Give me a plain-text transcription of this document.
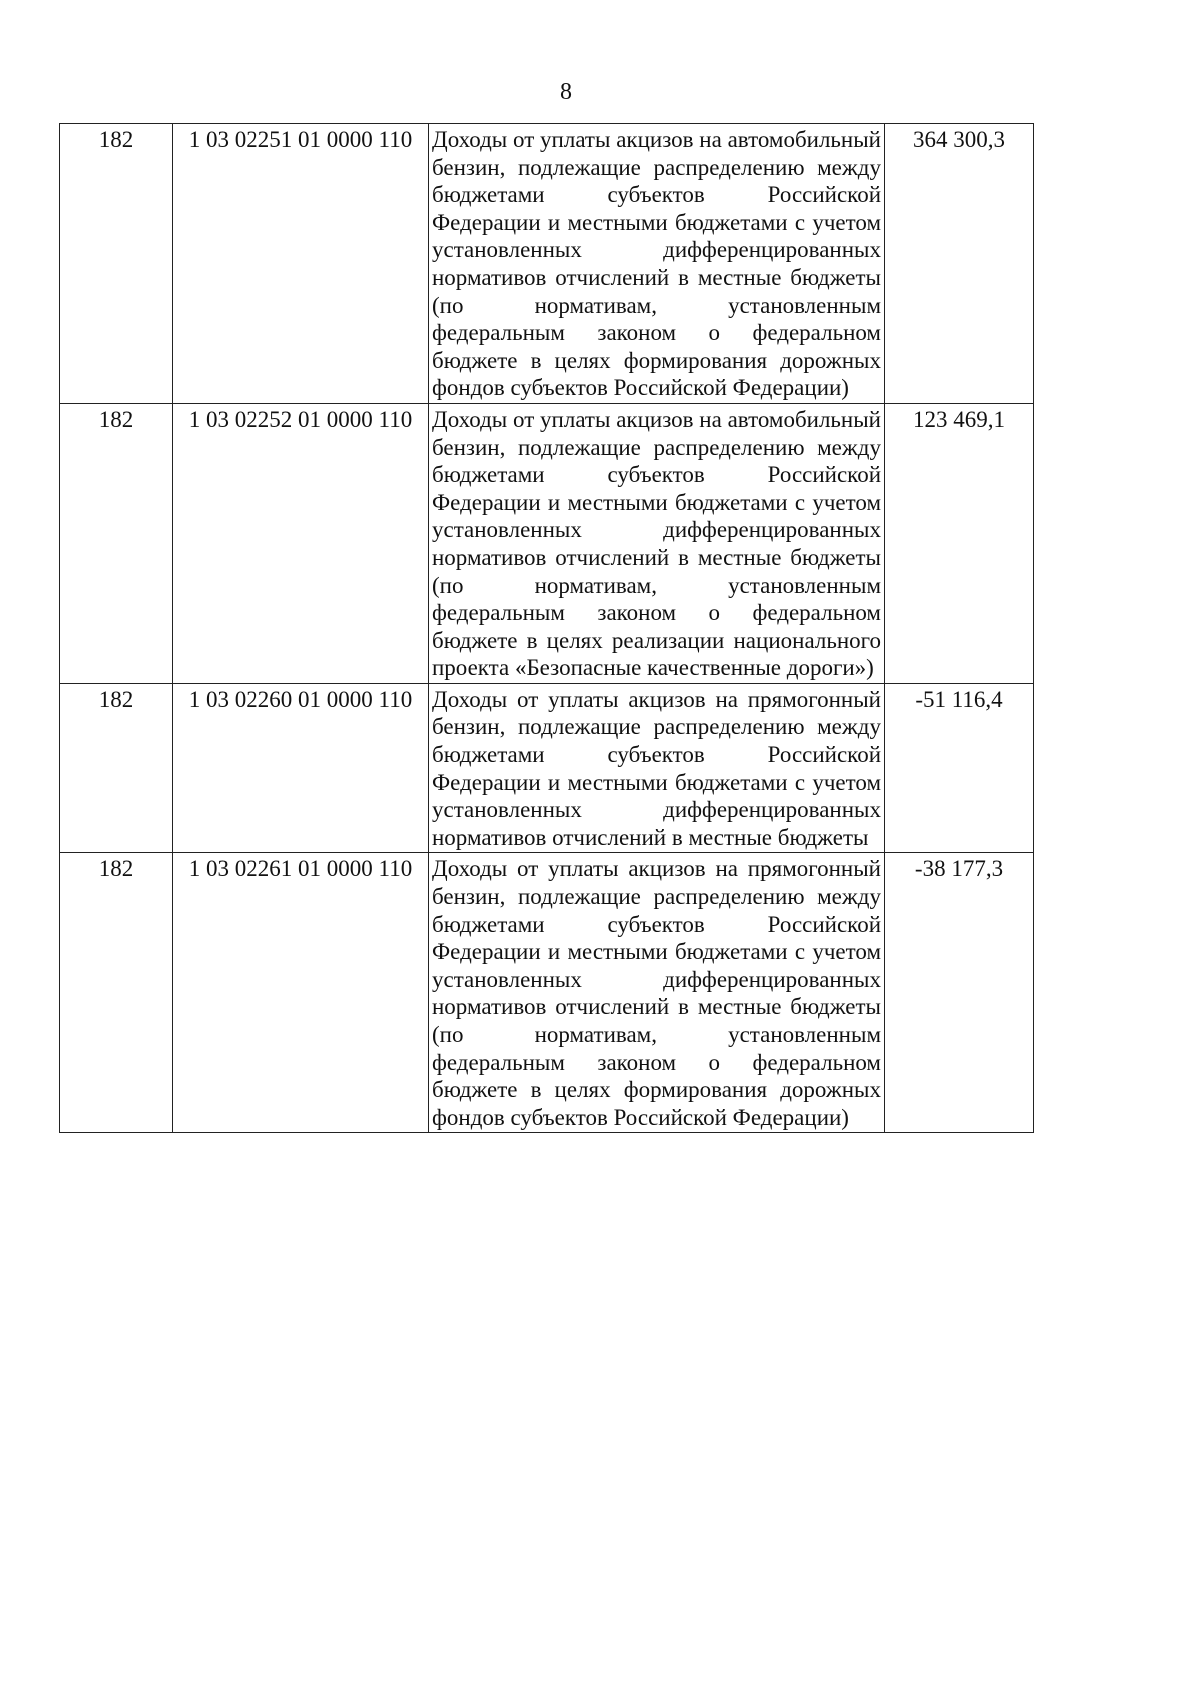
8
182	1 03 02251 01 0000 110	Доходы от уплаты акцизов на автомобильный бензин, подлежащие распределению между бюджетами субъектов Российской Федерации и местными бюджетами с учетом установленных дифференцированных нормативов отчислений в местные бюджеты (по нормативам, установленным федеральным законом о федеральном бюджете в целях формирования дорожных фондов субъектов Российской Федерации)	364 300,3
182	1 03 02252 01 0000 110	Доходы от уплаты акцизов на автомобильный бензин, подлежащие распределению между бюджетами субъектов Российской Федерации и местными бюджетами с учетом установленных дифференцированных нормативов отчислений в местные бюджеты (по нормативам, установленным федеральным законом о федеральном бюджете в целях реализации национального проекта «Безопасные качественные дороги»)	123 469,1
182	1 03 02260 01 0000 110	Доходы от уплаты акцизов на прямогонный бензин, подлежащие распределению между бюджетами субъектов Российской Федерации и местными бюджетами с учетом установленных дифференцированных нормативов отчислений в местные бюджеты	-51 116,4
182	1 03 02261 01 0000 110	Доходы от уплаты акцизов на прямогонный бензин, подлежащие распределению между бюджетами субъектов Российской Федерации и местными бюджетами с учетом установленных дифференцированных нормативов отчислений в местные бюджеты (по нормативам, установленным федеральным законом о федеральном бюджете в целях формирования дорожных фондов субъектов Российской Федерации)	-38 177,3
